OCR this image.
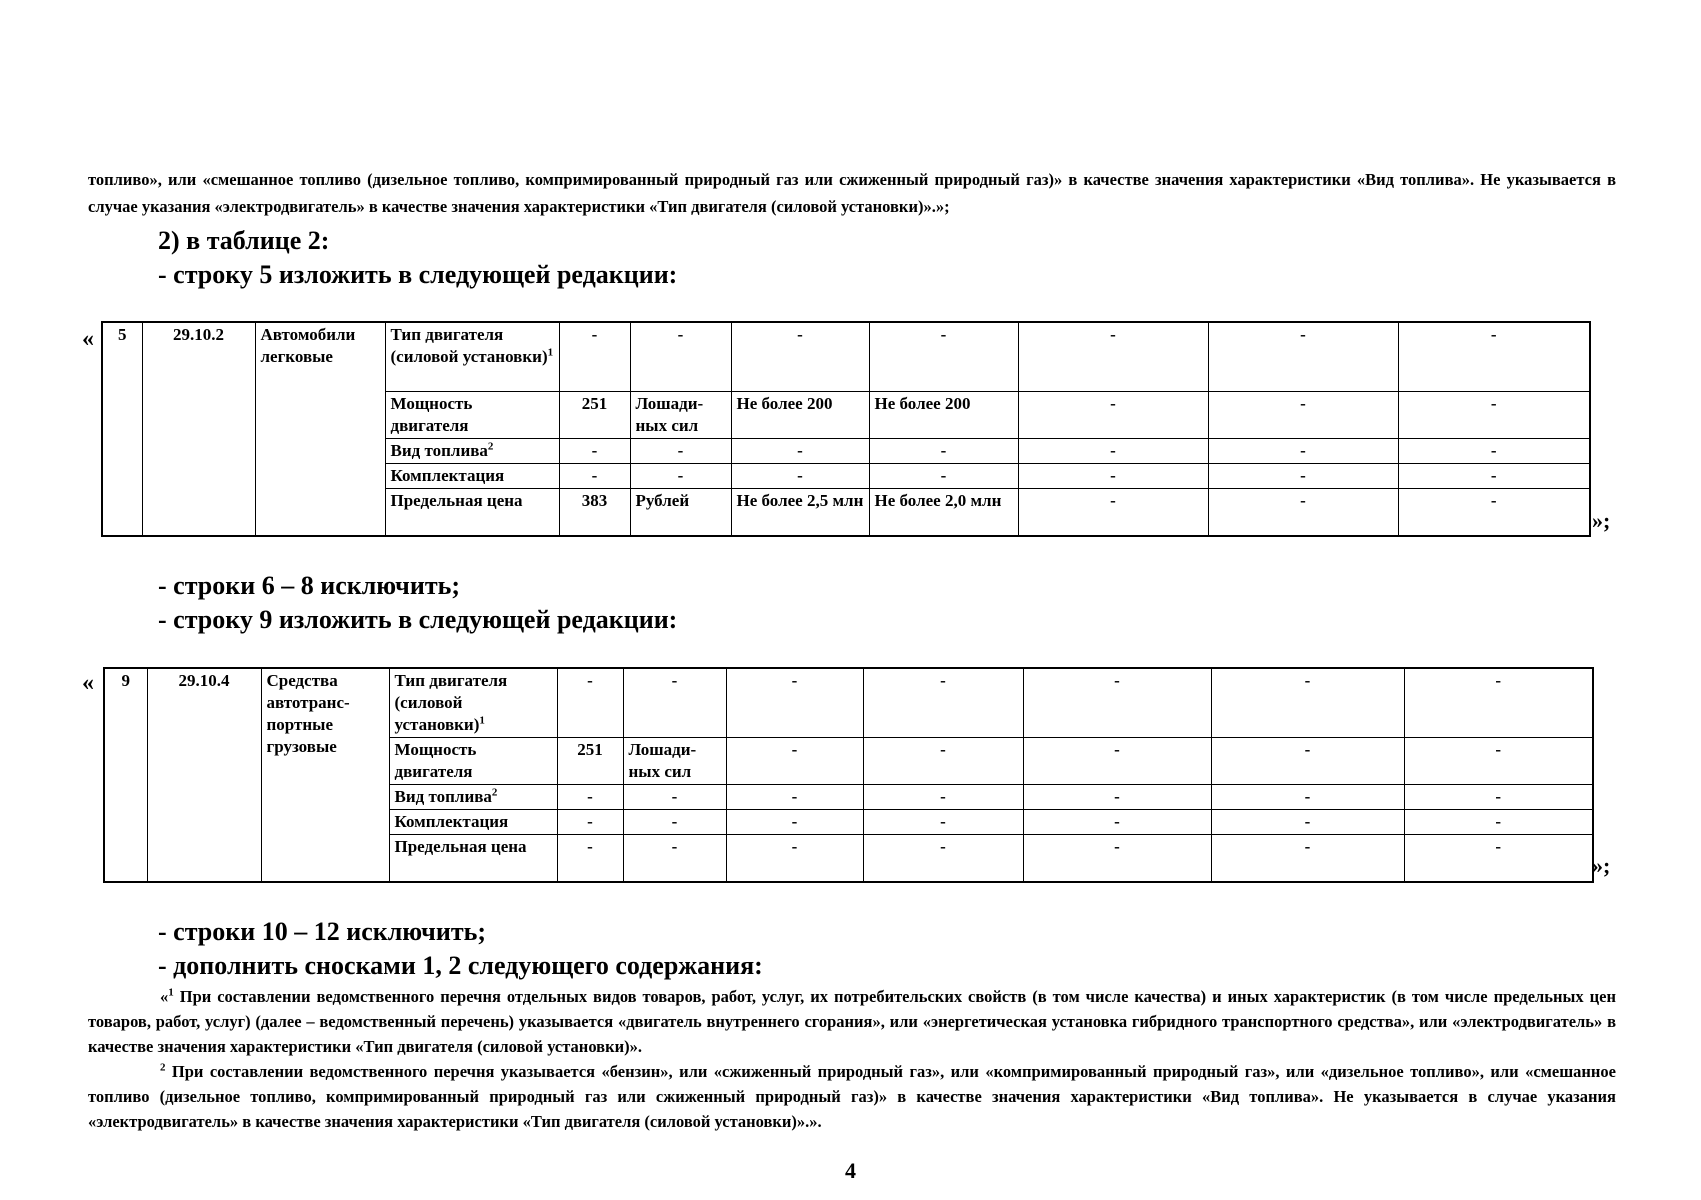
топливо», или «смешанное топливо (дизельное топливо, компримированный природный газ или сжиженный природный газ)» в качестве значения характеристики «Вид топлива». Не указывается в случае указания «электродвигатель» в качестве значения характеристики «Тип двигателя (силовой установки)».»;
2) в таблице 2:
- строку 5 изложить в следующей редакции:
« 5	29.10.2	Автомобили легковые	Тип двигателя (силовой установки)$^1$	-	-	-	-	-	-	-
			Мощность двигателя	251	Лошади-ных сил	Не более 200	Не более 200	-	-	-
			Вид топлива$^2$	-	-	-	-	-	-	-
			Комплектация	-	-	-	-	-	-	-
			Предельная цена	383	Рублей	Не более 2,5 млн	Не более 2,0 млн	-	-	-
»;
- строки 6 – 8 исключить;
- строку 9 изложить в следующей редакции:
« 9	29.10.4	Средства автотранс-портные грузовые	Тип двигателя (силовой установки)$^1$	-	-	-	-	-	-	-
			Мощность двигателя	251	Лошади-ных сил	-	-	-	-	-
			Вид топлива$^2$	-	-	-	-	-	-	-
			Комплектация	-	-	-	-	-	-	-
			Предельная цена	-	-	-	-	-	-	-
»;
- строки 10 – 12 исключить;
- дополнить сносками 1, 2 следующего содержания:

«$^1$ При составлении ведомственного перечня отдельных видов товаров, работ, услуг, их потребительских свойств (в том числе качества) и иных характеристик (в том числе предельных цен товаров, работ, услуг) (далее – ведомственный перечень) указывается «двигатель внутреннего сгорания», или «энергетическая установка гибридного транспортного средства», или «электродвигатель» в качестве значения характеристики «Тип двигателя (силовой установки)».

$^2$ При составлении ведомственного перечня указывается «бензин», или «сжиженный природный газ», или «компримированный природный газ», или «дизельное топливо», или «смешанное топливо (дизельное топливо, компримированный природный газ или сжиженный природный газ)» в качестве значения характеристики «Вид топлива». Не указывается в случае указания «электродвигатель» в качестве значения характеристики «Тип двигателя (силовой установки)».».

4
